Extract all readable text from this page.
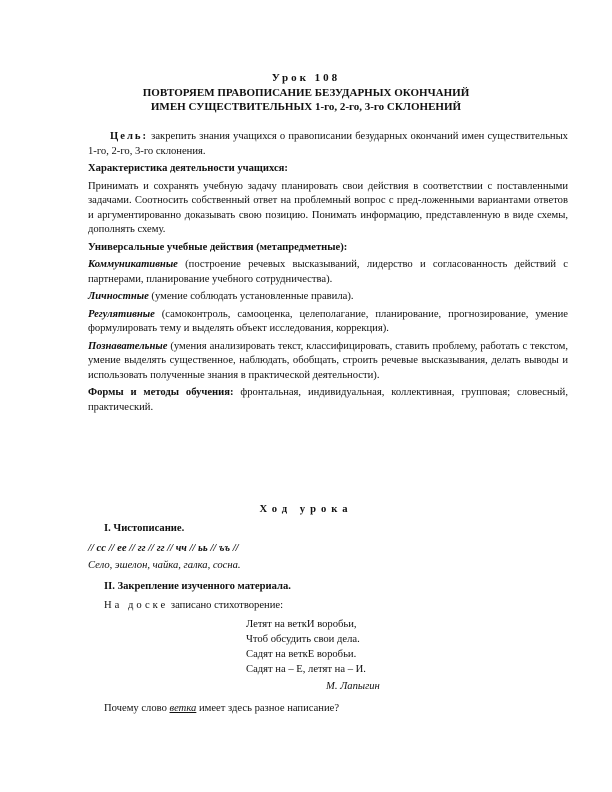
Урок 108
ПОВТОРЯЕМ ПРАВОПИСАНИЕ БЕЗУДАРНЫХ ОКОНЧАНИЙ
ИМЕН СУЩЕСТВИТЕЛЬНЫХ 1-го, 2-го, 3-го СКЛОНЕНИЙ

Цель: закрепить знания учащихся о правописании безударных окончаний имен существительных 1-го, 2-го, 3-го склонения.

Характеристика деятельности учащихся:

Принимать и сохранять учебную задачу планировать свои действия в соответствии с поставленными задачами. Соотносить собственный ответ на проблемный вопрос с пред-ложенными вариантами ответов и аргументированно доказывать свою позицию. Понимать информацию, представленную в виде схемы, дополнять схему.

Универсальные учебные действия (метапредметные):

Коммуникативные (построение речевых высказываний, лидерство и согласованность действий с партнерами, планирование учебного сотрудничества).

Личностные (умение соблюдать установленные правила).

Регулятивные (самоконтроль, самооценка, целеполагание, планирование, прогнозирование, умение формулировать тему и выделять объект исследования, коррекция).

Познавательные (умения анализировать текст, классифицировать, ставить проблему, работать с текстом, умение выделять существенное, наблюдать, обобщать, строить речевые высказывания, делать выводы и использовать полученные знания в практической деятельности).

Формы и методы обучения: фронтальная, индивидуальная, коллективная, групповая; словесный, практический.

Ход урока
I. Чистописание.
// сс // ее // гг // гг // чч // ьь // ъъ //
Село, эшелон, чайка, галка, сосна.
II. Закрепление изученного материала.
На доске записано стихотворение:
Летят на веткИ воробьи,
Чтоб обсудить свои дела.
Садят на веткЕ воробьи.
Садят на – Е, летят на – И.
М. Лапыгин
Почему слово ветка имеет здесь разное написание?
